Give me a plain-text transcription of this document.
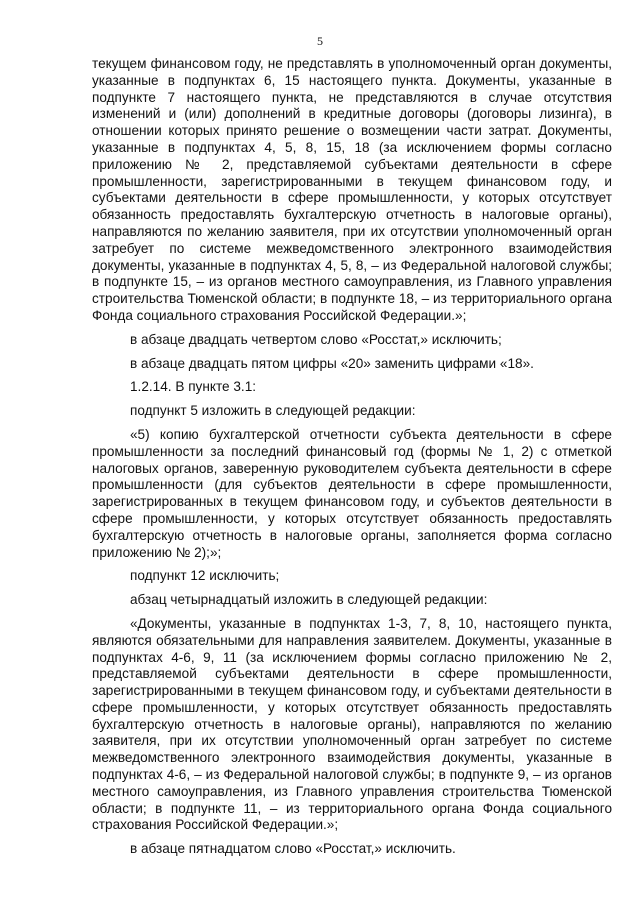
5

текущем финансовом году, не представлять в уполномоченный орган документы, указанные в подпунктах 6, 15 настоящего пункта. Документы, указанные в подпункте 7 настоящего пункта, не представляются в случае отсутствия изменений и (или) дополнений в кредитные договоры (договоры лизинга), в отношении которых принято решение о возмещении части затрат. Документы, указанные в подпунктах 4, 5, 8, 15, 18 (за исключением формы согласно приложению № 2, представляемой субъектами деятельности в сфере промышленности, зарегистрированными в текущем финансовом году, и субъектами деятельности в сфере промышленности, у которых отсутствует обязанность предоставлять бухгалтерскую отчетность в налоговые органы), направляются по желанию заявителя, при их отсутствии уполномоченный орган затребует по системе межведомственного электронного взаимодействия документы, указанные в подпунктах 4, 5, 8, – из Федеральной налоговой службы; в подпункте 15, – из органов местного самоуправления, из Главного управления строительства Тюменской области; в подпункте 18, – из территориального органа Фонда социального страхования Российской Федерации.»;

в абзаце двадцать четвертом слово «Росстат,» исключить;

в абзаце двадцать пятом цифры «20» заменить цифрами «18».

1.2.14. В пункте 3.1:

подпункт 5 изложить в следующей редакции:

«5) копию бухгалтерской отчетности субъекта деятельности в сфере промышленности за последний финансовый год (формы № 1, 2) с отметкой налоговых органов, заверенную руководителем субъекта деятельности в сфере промышленности (для субъектов деятельности в сфере промышленности, зарегистрированных в текущем финансовом году, и субъектов деятельности в сфере промышленности, у которых отсутствует обязанность предоставлять бухгалтерскую отчетность в налоговые органы, заполняется форма согласно приложению № 2);»;

подпункт 12 исключить;

абзац четырнадцатый изложить в следующей редакции:

«Документы, указанные в подпунктах 1-3, 7, 8, 10, настоящего пункта, являются обязательными для направления заявителем. Документы, указанные в подпунктах 4-6, 9, 11 (за исключением формы согласно приложению № 2, представляемой субъектами деятельности в сфере промышленности, зарегистрированными в текущем финансовом году, и субъектами деятельности в сфере промышленности, у которых отсутствует обязанность предоставлять бухгалтерскую отчетность в налоговые органы), направляются по желанию заявителя, при их отсутствии уполномоченный орган затребует по системе межведомственного электронного взаимодействия документы, указанные в подпунктах 4-6, – из Федеральной налоговой службы; в подпункте 9, – из органов местного самоуправления, из Главного управления строительства Тюменской области; в подпункте 11, – из территориального органа Фонда социального страхования Российской Федерации.»;

в абзаце пятнадцатом слово «Росстат,» исключить.
